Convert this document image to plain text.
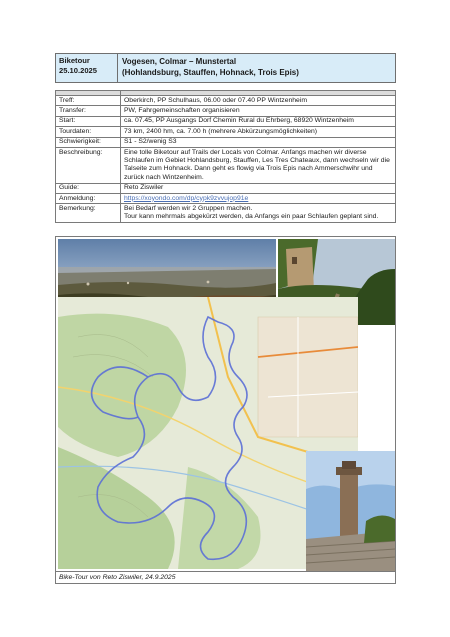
Biketour
25.10.2025
Vogesen, Colmar – Munstertal
(Hohlandsburg, Stauffen, Hohnack, Trois Epis)

Treff:	Oberkirch, PP Schulhaus, 06.00 oder 07.40 PP Wintzenheim
Transfer:	PW, Fahrgemeinschaften organisieren
Start:	ca. 07.45, PP Ausgangs Dorf Chemin Rural du Ehrberg, 68920 Wintzenheim
Tourdaten:	73 km, 2400 hm, ca. 7.00 h (mehrere Abkürzungsmöglichkeiten)
Schwierigkeit:	S1 - S2/wenig S3
Beschreibung:	Eine tolle Biketour auf Trails der Locals von Colmar. Anfangs machen wir diverse Schlaufen im Gebiet Hohlandsburg, Stauffen, Les Tres Chateaux, dann wechseln wir die Talseite zum Hohnack. Dann geht es flowig via Trois Epis nach Ammerschwihr und zurück nach Wintzenheim.
Guide:	Reto Ziswiler
Anmeldung:	https://xoyondo.com/dp/cypk9zvvujop91e
Bemerkung:	Bei Bedarf werden wir 2 Gruppen machen.
Tour kann mehrmals abgekürzt werden, da Anfangs ein paar Schlaufen geplant sind.
Bike-Tour von Reto Ziswiler, 24.9.2025
